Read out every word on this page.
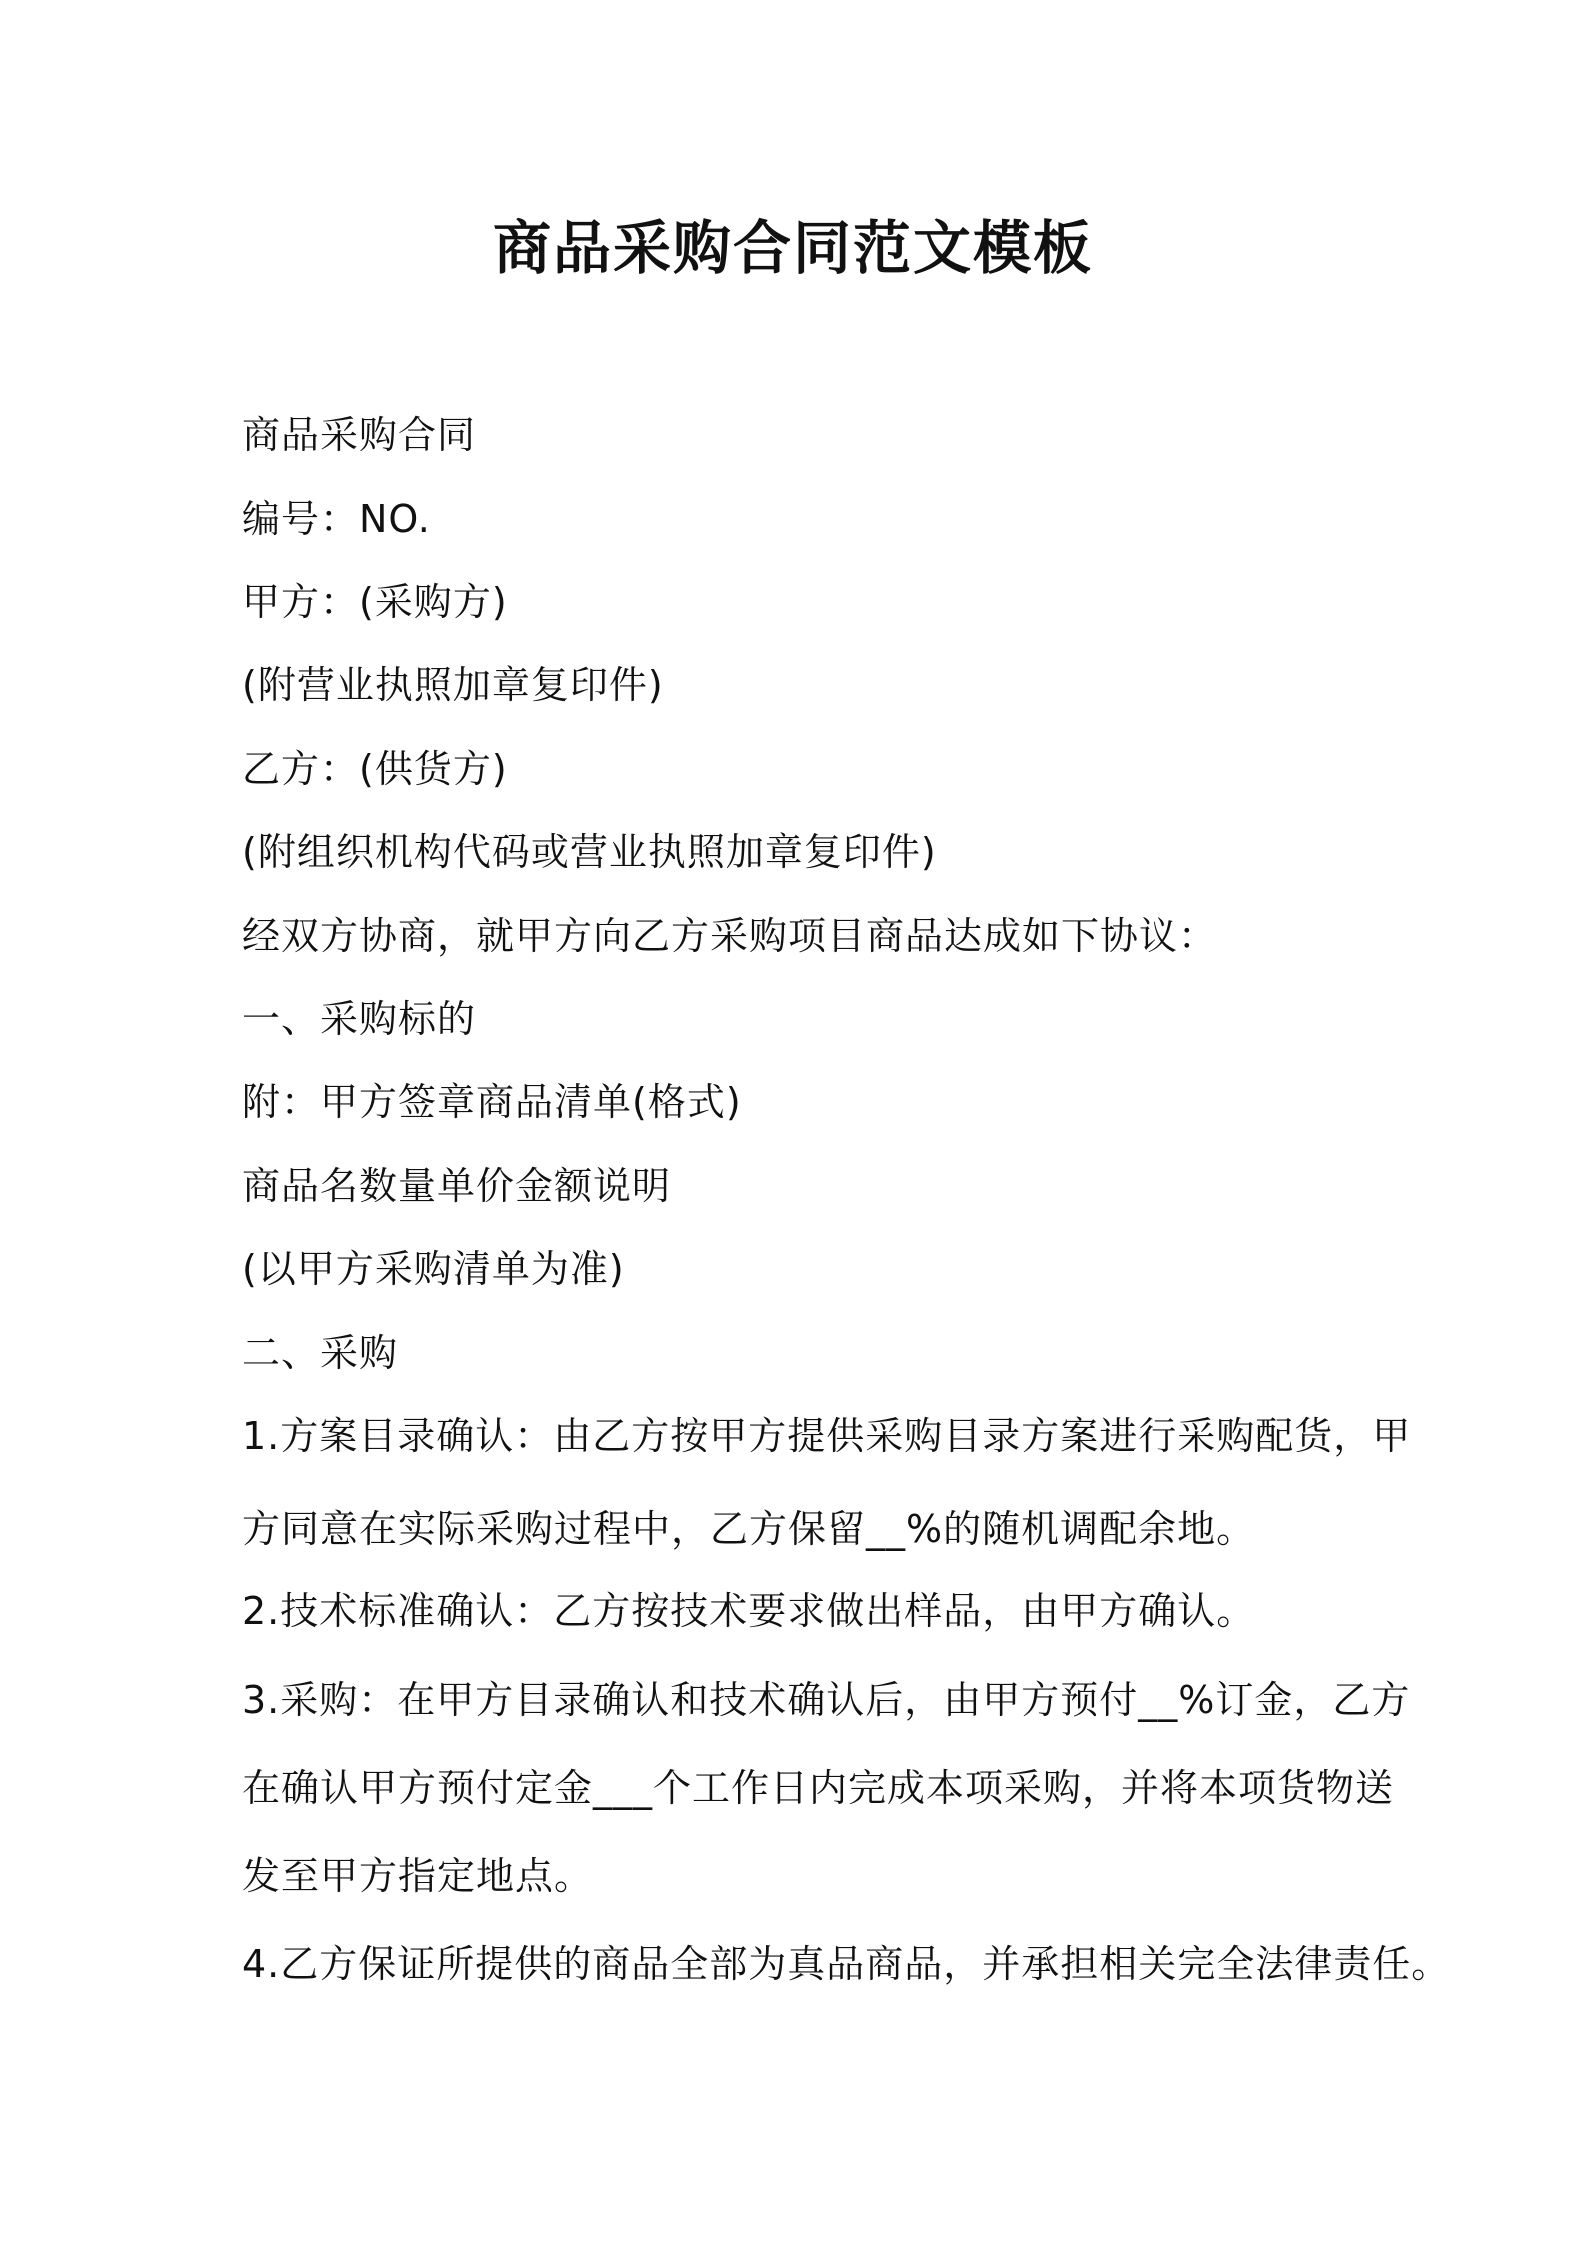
商品采购合同范文模板
商品采购合同
编号：NO.
甲方：(采购方)
(附营业执照加章复印件)
乙方：(供货方)
(附组织机构代码或营业执照加章复印件)
经双方协商，就甲方向乙方采购项目商品达成如下协议：
一、采购标的
附：甲方签章商品清单(格式)
商品名数量单价金额说明
(以甲方采购清单为准)
二、采购
1.方案目录确认：由乙方按甲方提供采购目录方案进行采购配货，甲
方同意在实际采购过程中，乙方保留__%的随机调配余地。
2.技术标准确认：乙方按技术要求做出样品，由甲方确认。
3.采购：在甲方目录确认和技术确认后，由甲方预付__%订金，乙方
在确认甲方预付定金___个工作日内完成本项采购，并将本项货物送
发至甲方指定地点。
4.乙方保证所提供的商品全部为真品商品，并承担相关完全法律责任。
